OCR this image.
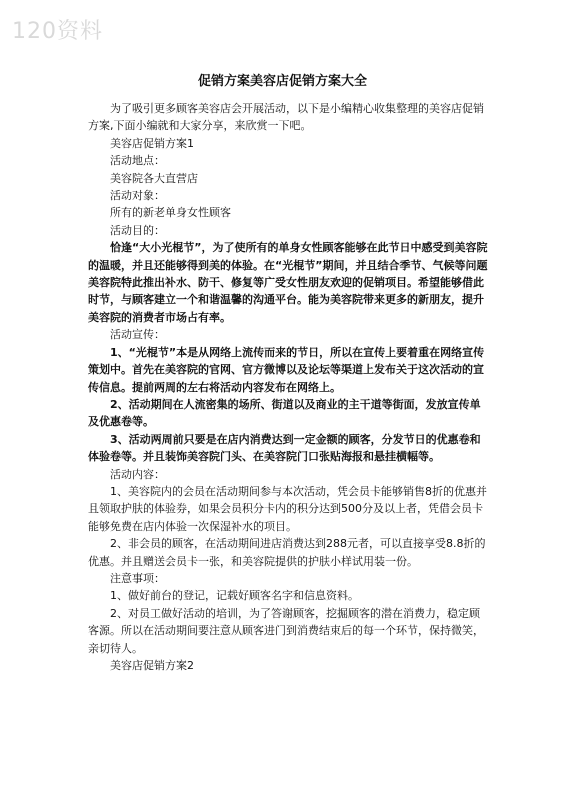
120资料
促销方案美容店促销方案大全

为了吸引更多顾客美容店会开展活动，以下是小编精心收集整理的美容店促销方案,下面小编就和大家分享，来欣赏一下吧。

美容店促销方案1

活动地点：

美容院各大直营店

活动对象：

所有的新老单身女性顾客

活动目的：

恰逢“大小光棍节”，为了使所有的单身女性顾客能够在此节日中感受到美容院的温暖，并且还能够得到美的体验。在“光棍节”期间，并且结合季节、气候等问题美容院特此推出补水、防干、修复等广受女性朋友欢迎的促销项目。希望能够借此时节，与顾客建立一个和谐温馨的沟通平台。能为美容院带来更多的新朋友，提升美容院的消费者市场占有率。

活动宣传：

1、“光棍节”本是从网络上流传而来的节日，所以在宣传上要着重在网络宣传策划中。首先在美容院的官网、官方微博以及论坛等渠道上发布关于这次活动的宣传信息。提前两周的左右将活动内容发布在网络上。

2、活动期间在人流密集的场所、街道以及商业的主干道等街面，发放宣传单及优惠卷等。

3、活动两周前只要是在店内消费达到一定金额的顾客，分发节日的优惠卷和体验卷等。并且装饰美容院门头、在美容院门口张贴海报和悬挂横幅等。

活动内容：

1、美容院内的会员在活动期间参与本次活动，凭会员卡能够销售8折的优惠并且领取护肤的体验券，如果会员积分卡内的积分达到500分及以上者，凭借会员卡能够免费在店内体验一次保湿补水的项目。

2、非会员的顾客，在活动期间进店消费达到288元者，可以直接享受8.8折的优惠。并且赠送会员卡一张，和美容院提供的护肤小样试用装一份。

注意事项：

1、做好前台的登记，记载好顾客名字和信息资料。

2、对员工做好活动的培训，为了答谢顾客，挖掘顾客的潜在消费力，稳定顾客源。所以在活动期间要注意从顾客进门到消费结束后的每一个环节，保持微笑，亲切待人。

美容店促销方案2
